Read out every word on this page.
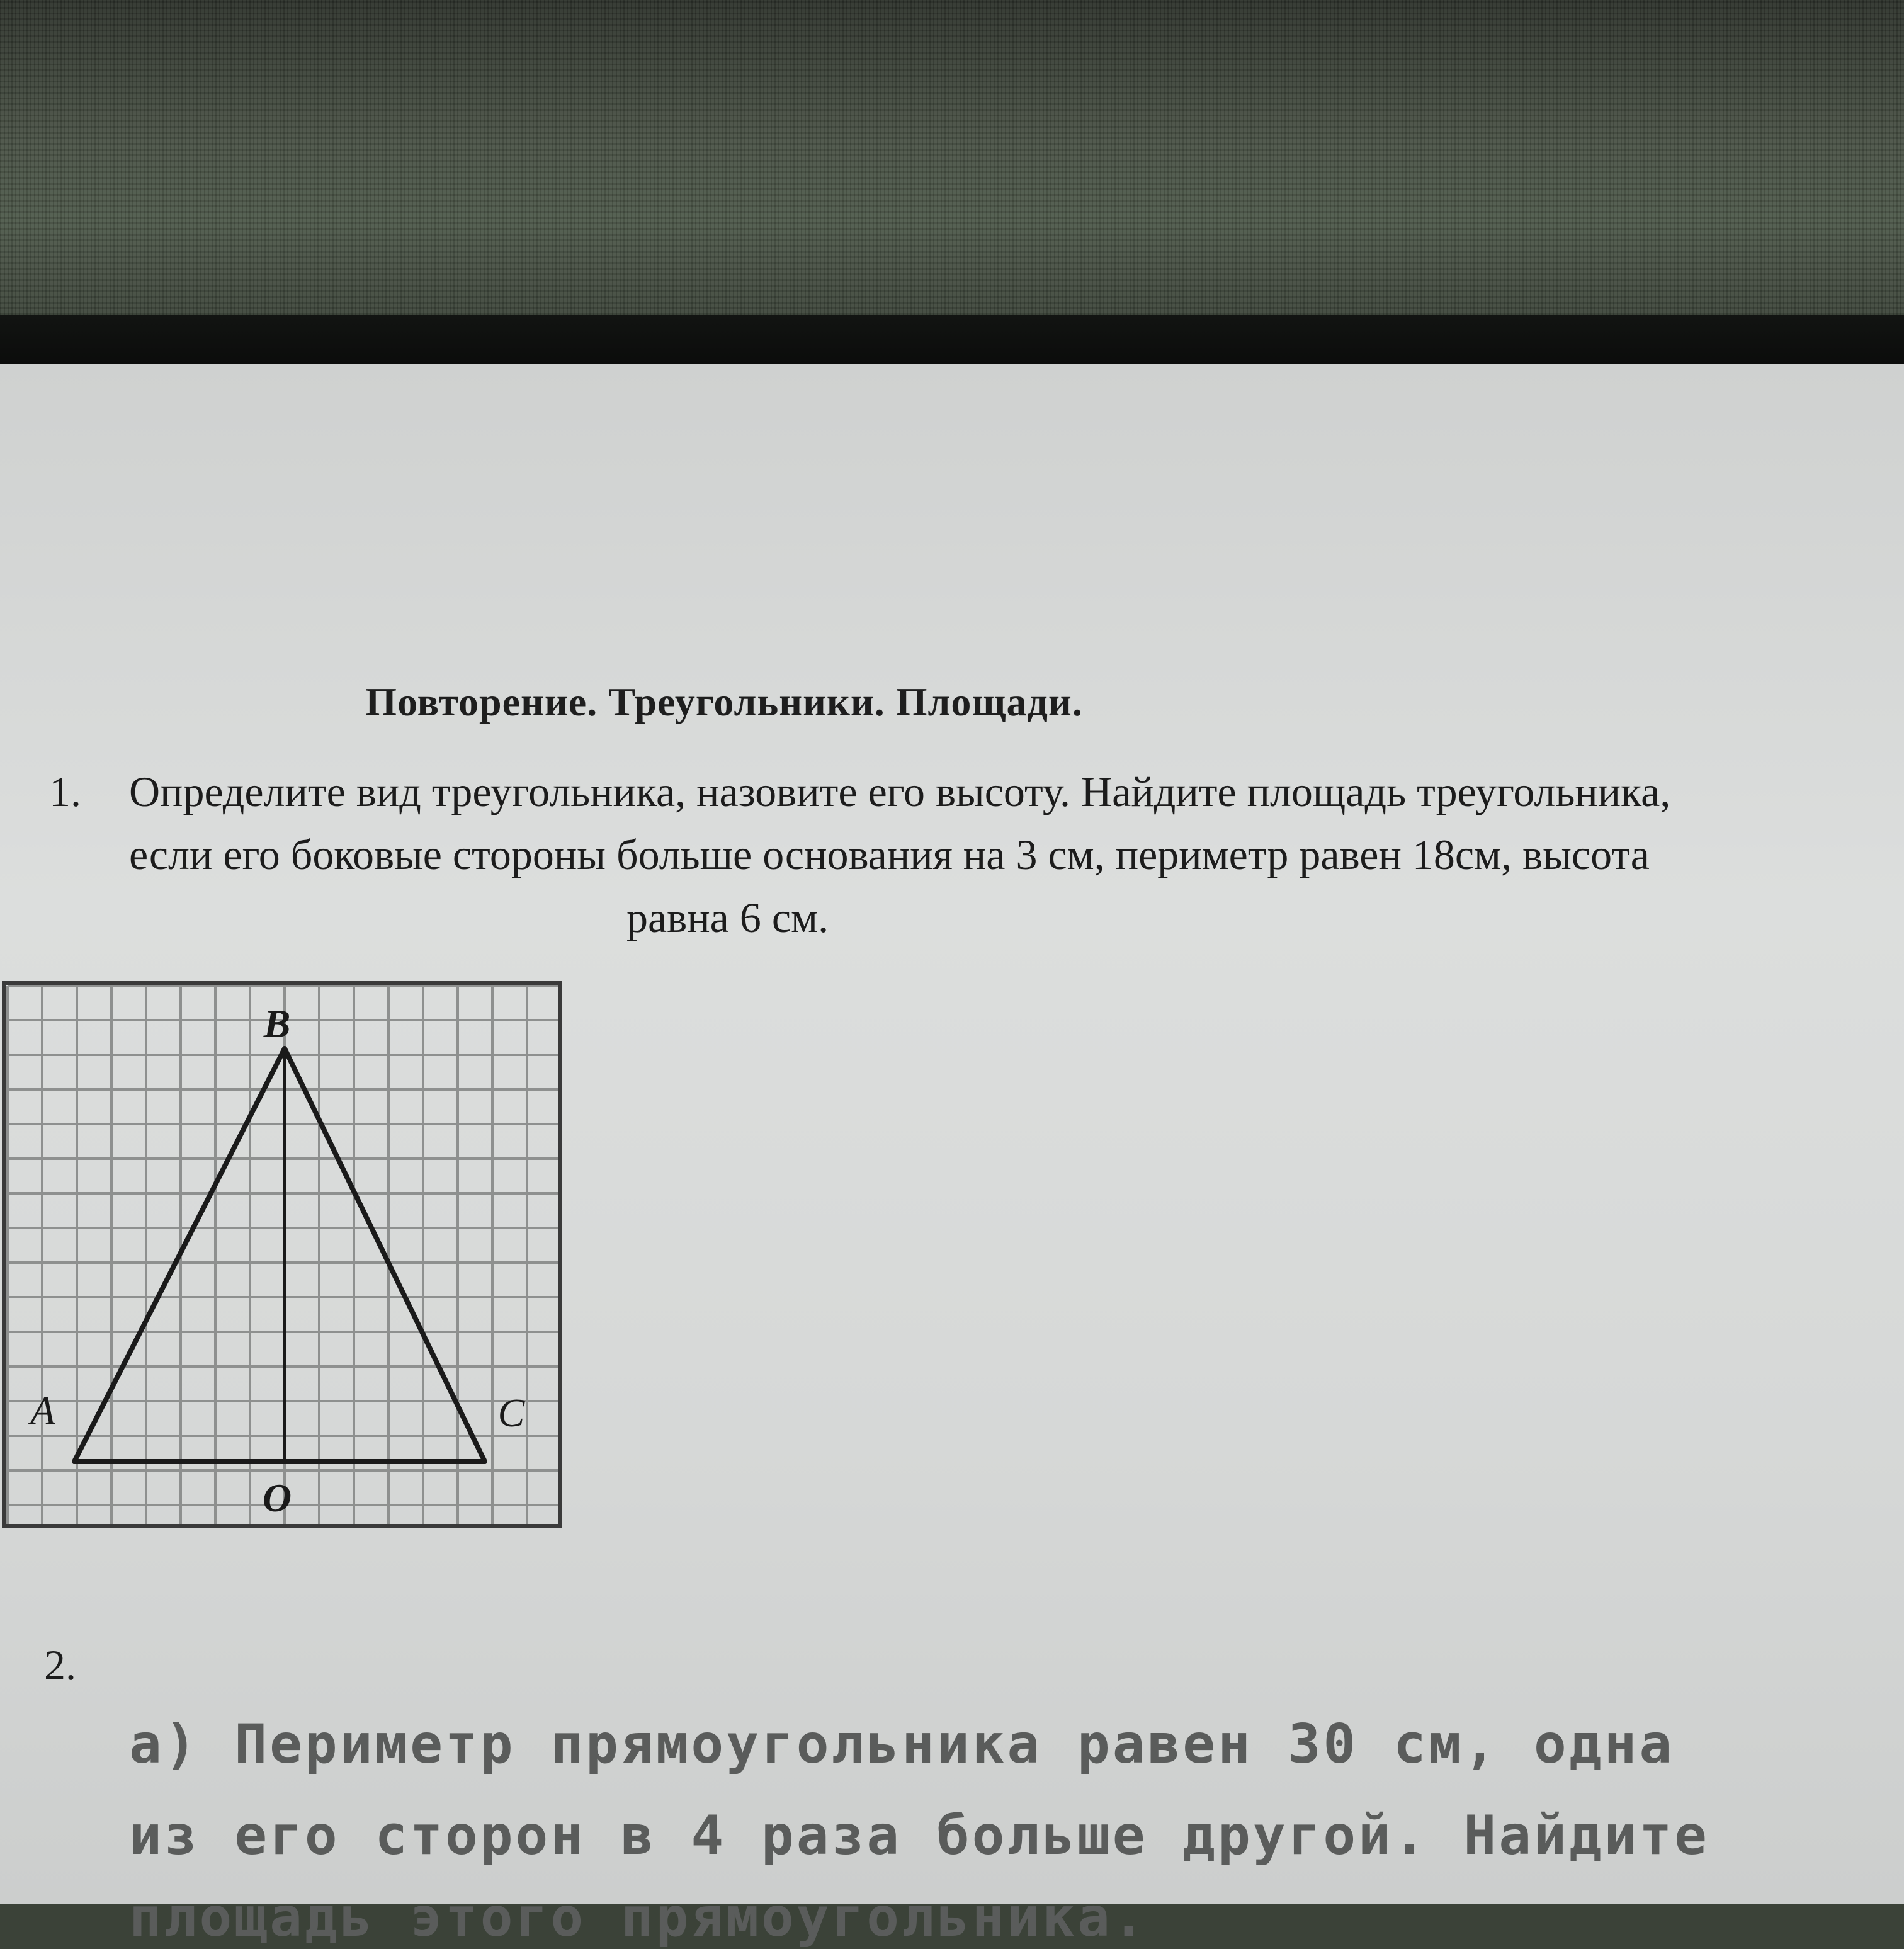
Повторение. Треугольники. Площади.
1. Определите вид треугольника, назовите его высоту. Найдите площадь треугольника,
если его боковые стороны больше основания на 3 см, периметр равен 18см, высота
равна 6 см.
B
A	C
O
2.
а) Периметр прямоугольника равен 30 см, одна
из его сторон в 4 раза больше другой. Найдите
площадь этого прямоугольника.
